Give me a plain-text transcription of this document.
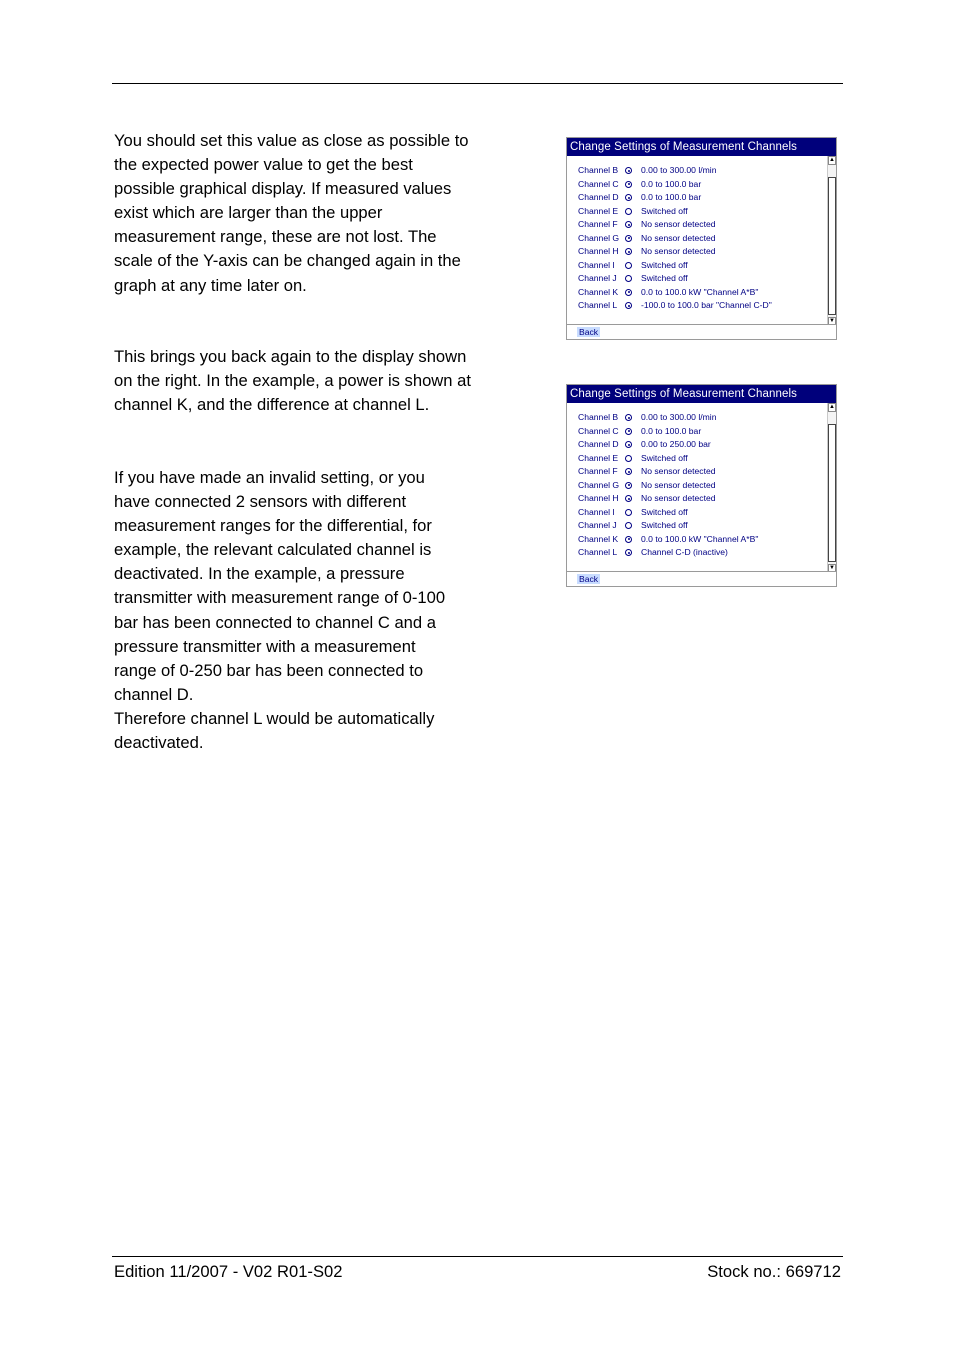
You should set this value as close as possible to the expected power value to get the best possible graphical display. If measured values exist which are larger than the upper measurement range, these are not lost. The scale of the Y-axis can be changed again in the graph at any time later on.

This brings you back again to the display shown on the right. In the example, a power is shown at channel K, and the difference at channel L.

If you have made an invalid setting, or you
have connected 2 sensors with different
measurement ranges for the differential, for
example, the relevant calculated channel is
deactivated. In the example, a pressure
transmitter with measurement range of 0-100
bar has been connected to channel C and a
pressure transmitter with a measurement
range of 0-250 bar has been connected to
channel D.
Therefore channel L would be automatically
deactivated.
Change Settings of Measurement Channels
Channel B	0.00 to 300.00 l/min
Channel C	0.0 to 100.0 bar
Channel D	0.0 to 100.0 bar
Channel E	Switched off
Channel F	No sensor detected
Channel G	No sensor detected
Channel H	No sensor detected
Channel I	Switched off
Channel J	Switched off
Channel K	0.0 to 100.0 kW "Channel A*B"
Channel L	-100.0 to 100.0 bar "Channel C-D"
▲
▼
Back
Change Settings of Measurement Channels
Channel B	0.00 to 300.00 l/min
Channel C	0.0 to 100.0 bar
Channel D	0.00 to 250.00 bar
Channel E	Switched off
Channel F	No sensor detected
Channel G	No sensor detected
Channel H	No sensor detected
Channel I	Switched off
Channel J	Switched off
Channel K	0.0 to 100.0 kW "Channel A*B"
Channel L	Channel C-D (inactive)
▲
▼
Back
Edition 11/2007 - V02 R01-S02	Stock no.: 669712
